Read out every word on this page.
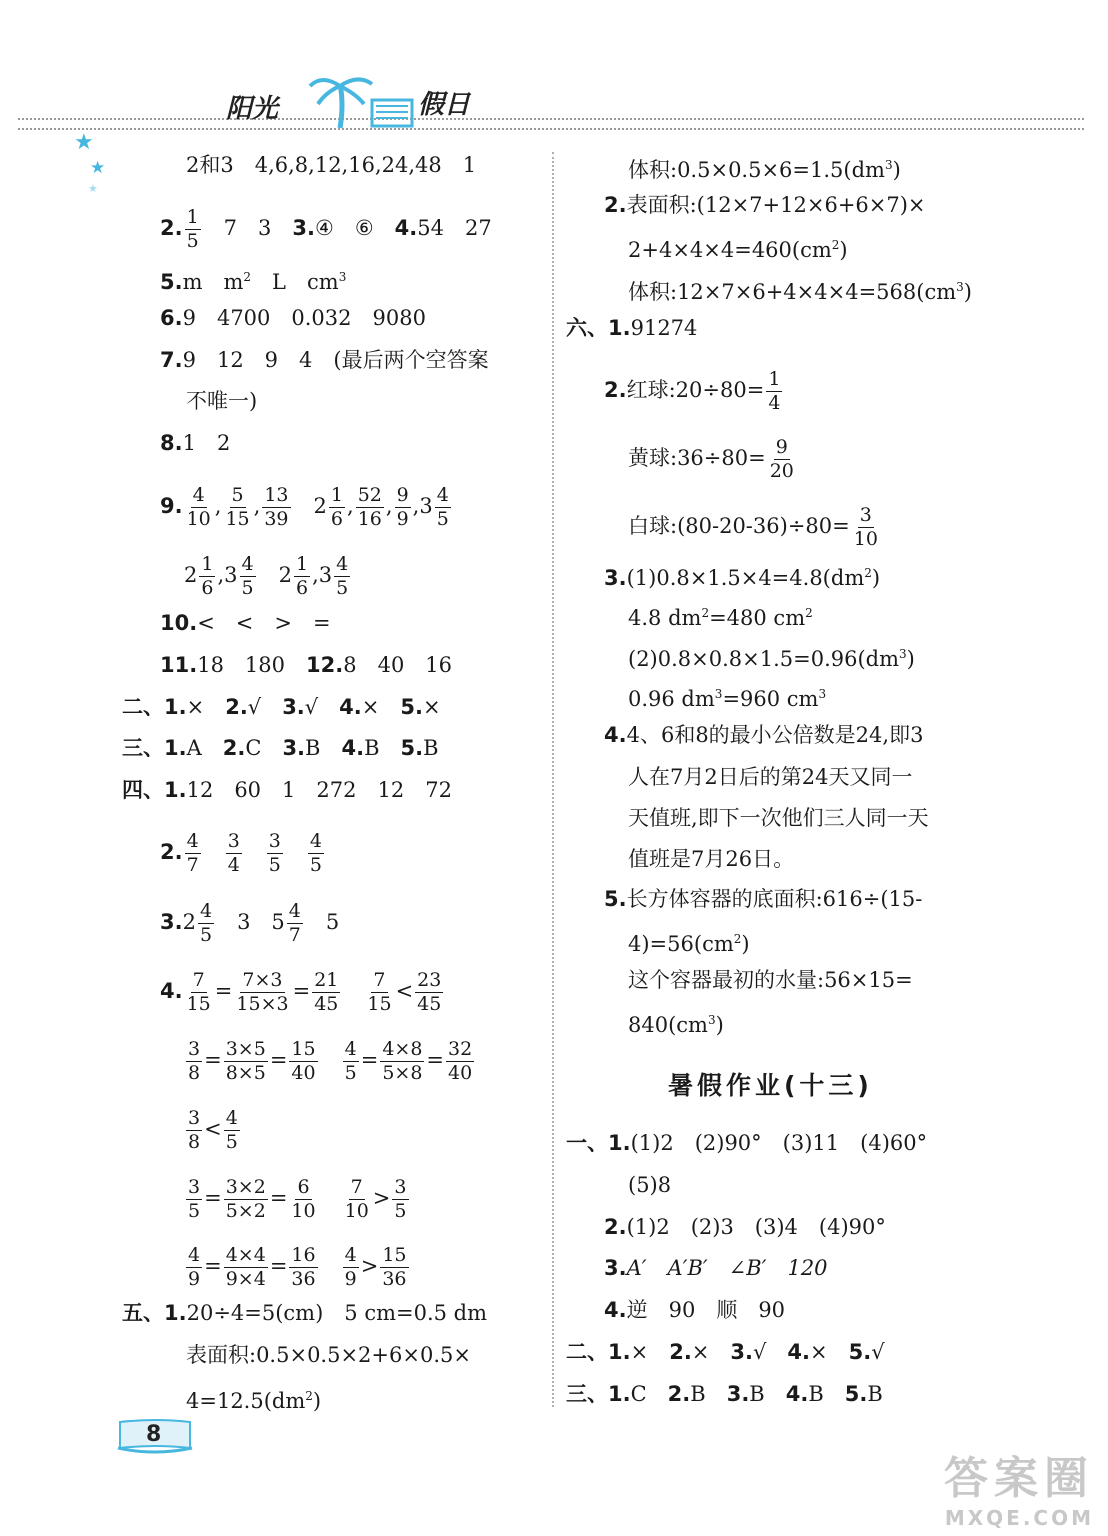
★
★
★
阳光	假日
2和3　4,6,8,12,16,24,48　1
2. $\frac{1}{5}$ 　7　3　3.④　⑥　4.54　27
5.m　$m^2$　L　$cm^3$
6.9　4700　0.032　9080
7.9　12　9　4　(最后两个空答案
不唯一)
8.1　2
9. $\frac{4}{10}$ , $\frac{5}{15}$ , $\frac{13}{39}$
　 $2 \frac{1}{6}$ , $\frac{52}{16}$ , $\frac{9}{9} ,3 \frac{4}{5}$
$2 \frac{1}{6} ,3 \frac{4}{5}$
　 $2 \frac{1}{6} ,3 \frac{4}{5}$
10.<　<　>　=
11.18　180　12.8　40　16
二、1.×　2.√　3.√　4.×　5.×
三、1.A　2.C　3.B　4.B　5.B
四、1.12　60　1　272　12　72
2. $\frac{4}{7}$
　 $\frac{3}{4}$
　 $\frac{3}{5}$
　 $\frac{4}{5}$
$3.2 \frac{4}{5}$
　 3　$5 \frac{4}{7}$
　 5
4. $\frac{7}{15} = \frac{7\times 3}{15\times 3} = \frac{21}{45}$
　 $\frac{7}{15} < \frac{23}{45}$
$\frac{3}{8} = \frac{3\times 5}{8\times 5} = \frac{15}{40}$
　 $\frac{4}{5} = \frac{4\times 8}{5\times 8} = \frac{32}{40}$
$\frac{3}{8} < \frac{4}{5}$
$\frac{3}{5} = \frac{3\times 2}{5\times 2} = \frac{6}{10}$
　 $\frac{7}{10} > \frac{3}{5}$
$\frac{4}{9} = \frac{4\times 4}{9\times 4} = \frac{16}{36}$
　 $\frac{4}{9} > \frac{15}{36}$
五、1.20÷4=5(cm)　5 cm=0.5 dm
表面积:0.5×0.5×2+6×0.5×
$4=12.5(dm^2)$
体积$:0.5\times 0.5\times 6=1.5(dm^3)$
2.表面积:(12×7+12×6+6×7)×
$2+4\times 4\times 4=460(cm^2)$
体积$:12\times 7\times 6+4\times 4\times 4=568(cm^3)$
六、1.91274
2.红球:20÷80= $\frac{1}{4}$
黄球:36÷80= $\frac{9}{20}$
白球:(80-20-36)÷80= $\frac{3}{10}$
$3.(1)0.8\times 1.5\times 4=4.8(dm^2)$
4.8 $dm^2=480$ $cm^2$
$(2)0.8\times 0.8\times 1.5=0.96(dm^3)$
0.96 $dm^3=960$ $cm^3$
4.4、6和8的最小公倍数是24,即3
人在7月2日后的第24天又同一
天值班,即下一次他们三人同一天
值班是7月26日。
5.长方体容器的底面积:616÷(15-
$4)=56(cm^2)$
这个容器最初的水量:56×15=
$840(cm^3)$
暑假作业(十三)
一、1.(1)2　(2)90°　(3)11　(4)60°
(5)8
2.(1)2　(2)3　(3)4　(4)90°
3.A′　A′B′　∠B′　120
4.逆　90　顺　90
二、1.×　2.×　3.√　4.×　5.√
三、1.C　2.B　3.B　4.B　5.B
8
答案圈
MXQE.COM
